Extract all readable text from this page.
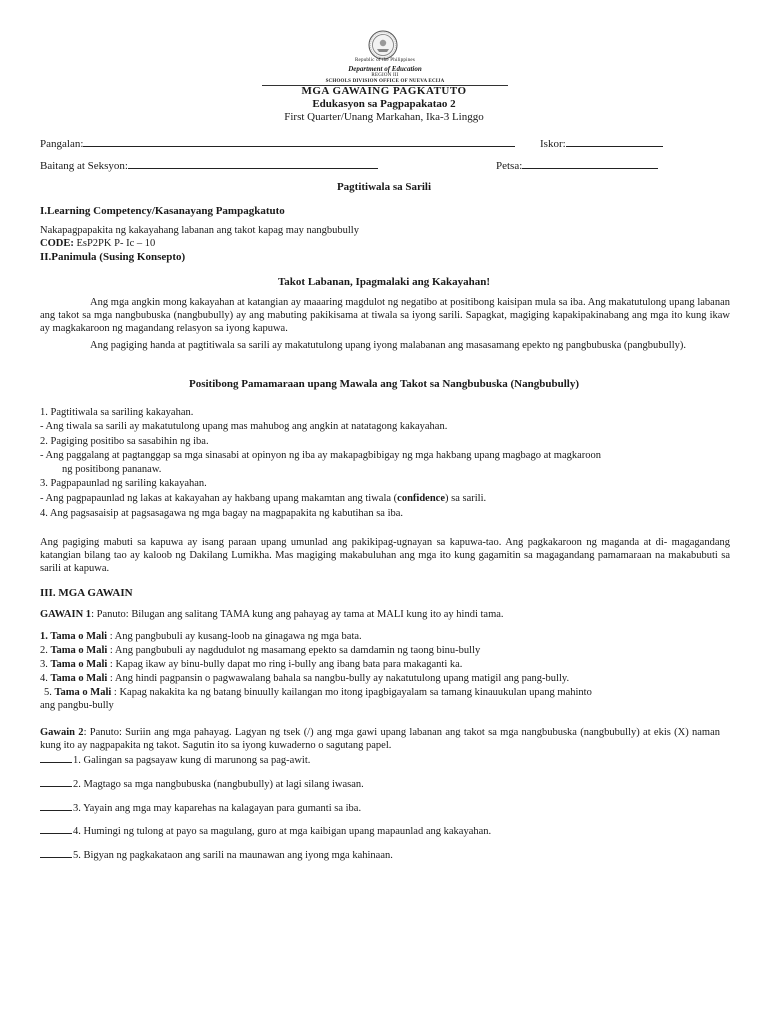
Republic of the Philippines
Department of Education
REGION III
SCHOOLS DIVISION OFFICE OF NUEVA ECIJA
MGA GAWAING PAGKATUTO
Edukasyon sa Pagpapakatao 2
First Quarter/Unang Markahan, Ika-3 Linggo
Pangalan:	Iskor:
Baitang at Seksyon:	Petsa:
Pagtitiwala sa Sarili
I.Learning Competency/Kasanayang Pampagkatuto
Nakapagpapakita ng kakayahang labanan ang takot kapag may nangbubully
CODE: EsP2PK P- Ic – 10
II.Panimula (Susing Konsepto)
Takot Labanan, Ipagmalaki ang Kakayahan!
Ang mga angkin mong kakayahan at katangian ay maaaring magdulot ng negatibo at positibong kaisipan mula sa iba. Ang makatutulong upang labanan ang takot sa mga nangbubuska (nangbubully) ay ang mabuting pakikisama at tiwala sa iyong sarili. Sapagkat, magiging kapakipakinabang ang mga ito kung ikaw ay magkakaroon ng magandang relasyon sa iyong kapuwa.
Ang pagiging handa at pagtitiwala sa sarili ay makatutulong upang iyong malabanan ang masasamang epekto ng pangbubuska (pangbubully).
Positibong Pamamaraan upang Mawala ang Takot sa Nangbubuska (Nangbubully)
1. Pagtitiwala sa sariling kakayahan.
- Ang tiwala sa sarili ay makatutulong upang mas mahubog ang angkin at natatagong kakayahan.
2. Pagiging positibo sa sasabihin ng iba.
- Ang paggalang at pagtanggap sa mga sinasabi at opinyon ng iba ay makapagbibigay ng mga hakbang upang magbago at magkaroon
ng positibong pananaw.
3. Pagpapaunlad ng sariling kakayahan.
- Ang pagpapaunlad ng lakas at kakayahan ay hakbang upang makamtan ang tiwala (confidence) sa sarili.
4. Ang pagsasaisip at pagsasagawa ng mga bagay na magpapakita ng kabutihan sa iba.
Ang pagiging mabuti sa kapuwa ay isang paraan upang umunlad ang pakikipag-ugnayan sa kapuwa-tao. Ang pagkakaroon ng maganda at di- magagandang katangian bilang tao ay kaloob ng Dakilang Lumikha. Mas magiging makabuluhan ang mga ito kung gagamitin sa magagandang pamamaraan na makabubuti sa sarili at kapuwa.
III. MGA GAWAIN
GAWAIN 1: Panuto: Bilugan ang salitang TAMA kung ang pahayag ay tama at MALI kung ito ay hindi tama.
1. Tama o Mali : Ang pangbubuli ay kusang-loob na ginagawa ng mga bata.
2. Tama o Mali : Ang pangbubuli ay nagdudulot ng masamang epekto sa damdamin ng taong binu-bully
3. Tama o Mali : Kapag ikaw ay binu-bully dapat mo ring i-bully ang ibang bata para makaganti ka.
4. Tama o Mali : Ang hindi pagpansin o pagwawalang bahala sa nangbu-bully ay nakatutulong upang matigil ang pang-bully.
5. Tama o Mali : Kapag nakakita ka ng batang binuully kailangan mo itong ipagbigayalam sa tamang kinauukulan upang mahinto
ang pangbu-bully
Gawain 2: Panuto: Suriin ang mga pahayag. Lagyan ng tsek (/) ang mga gawi upang labanan ang takot sa mga nangbubuska (nangbubully) at ekis (X) naman kung ito ay nagpapakita ng takot. Sagutin ito sa iyong kuwaderno o sagutang papel.
1. Galingan sa pagsayaw kung di marunong sa pag-awit.
2. Magtago sa mga nangbubuska (nangbubully) at lagi silang iwasan.
3. Yayain ang mga may kaparehas na kalagayan para gumanti sa iba.
4. Humingi ng tulong at payo sa magulang, guro at mga kaibigan upang mapaunlad ang kakayahan.
5. Bigyan ng pagkakataon ang sarili na maunawan ang iyong mga kahinaan.
